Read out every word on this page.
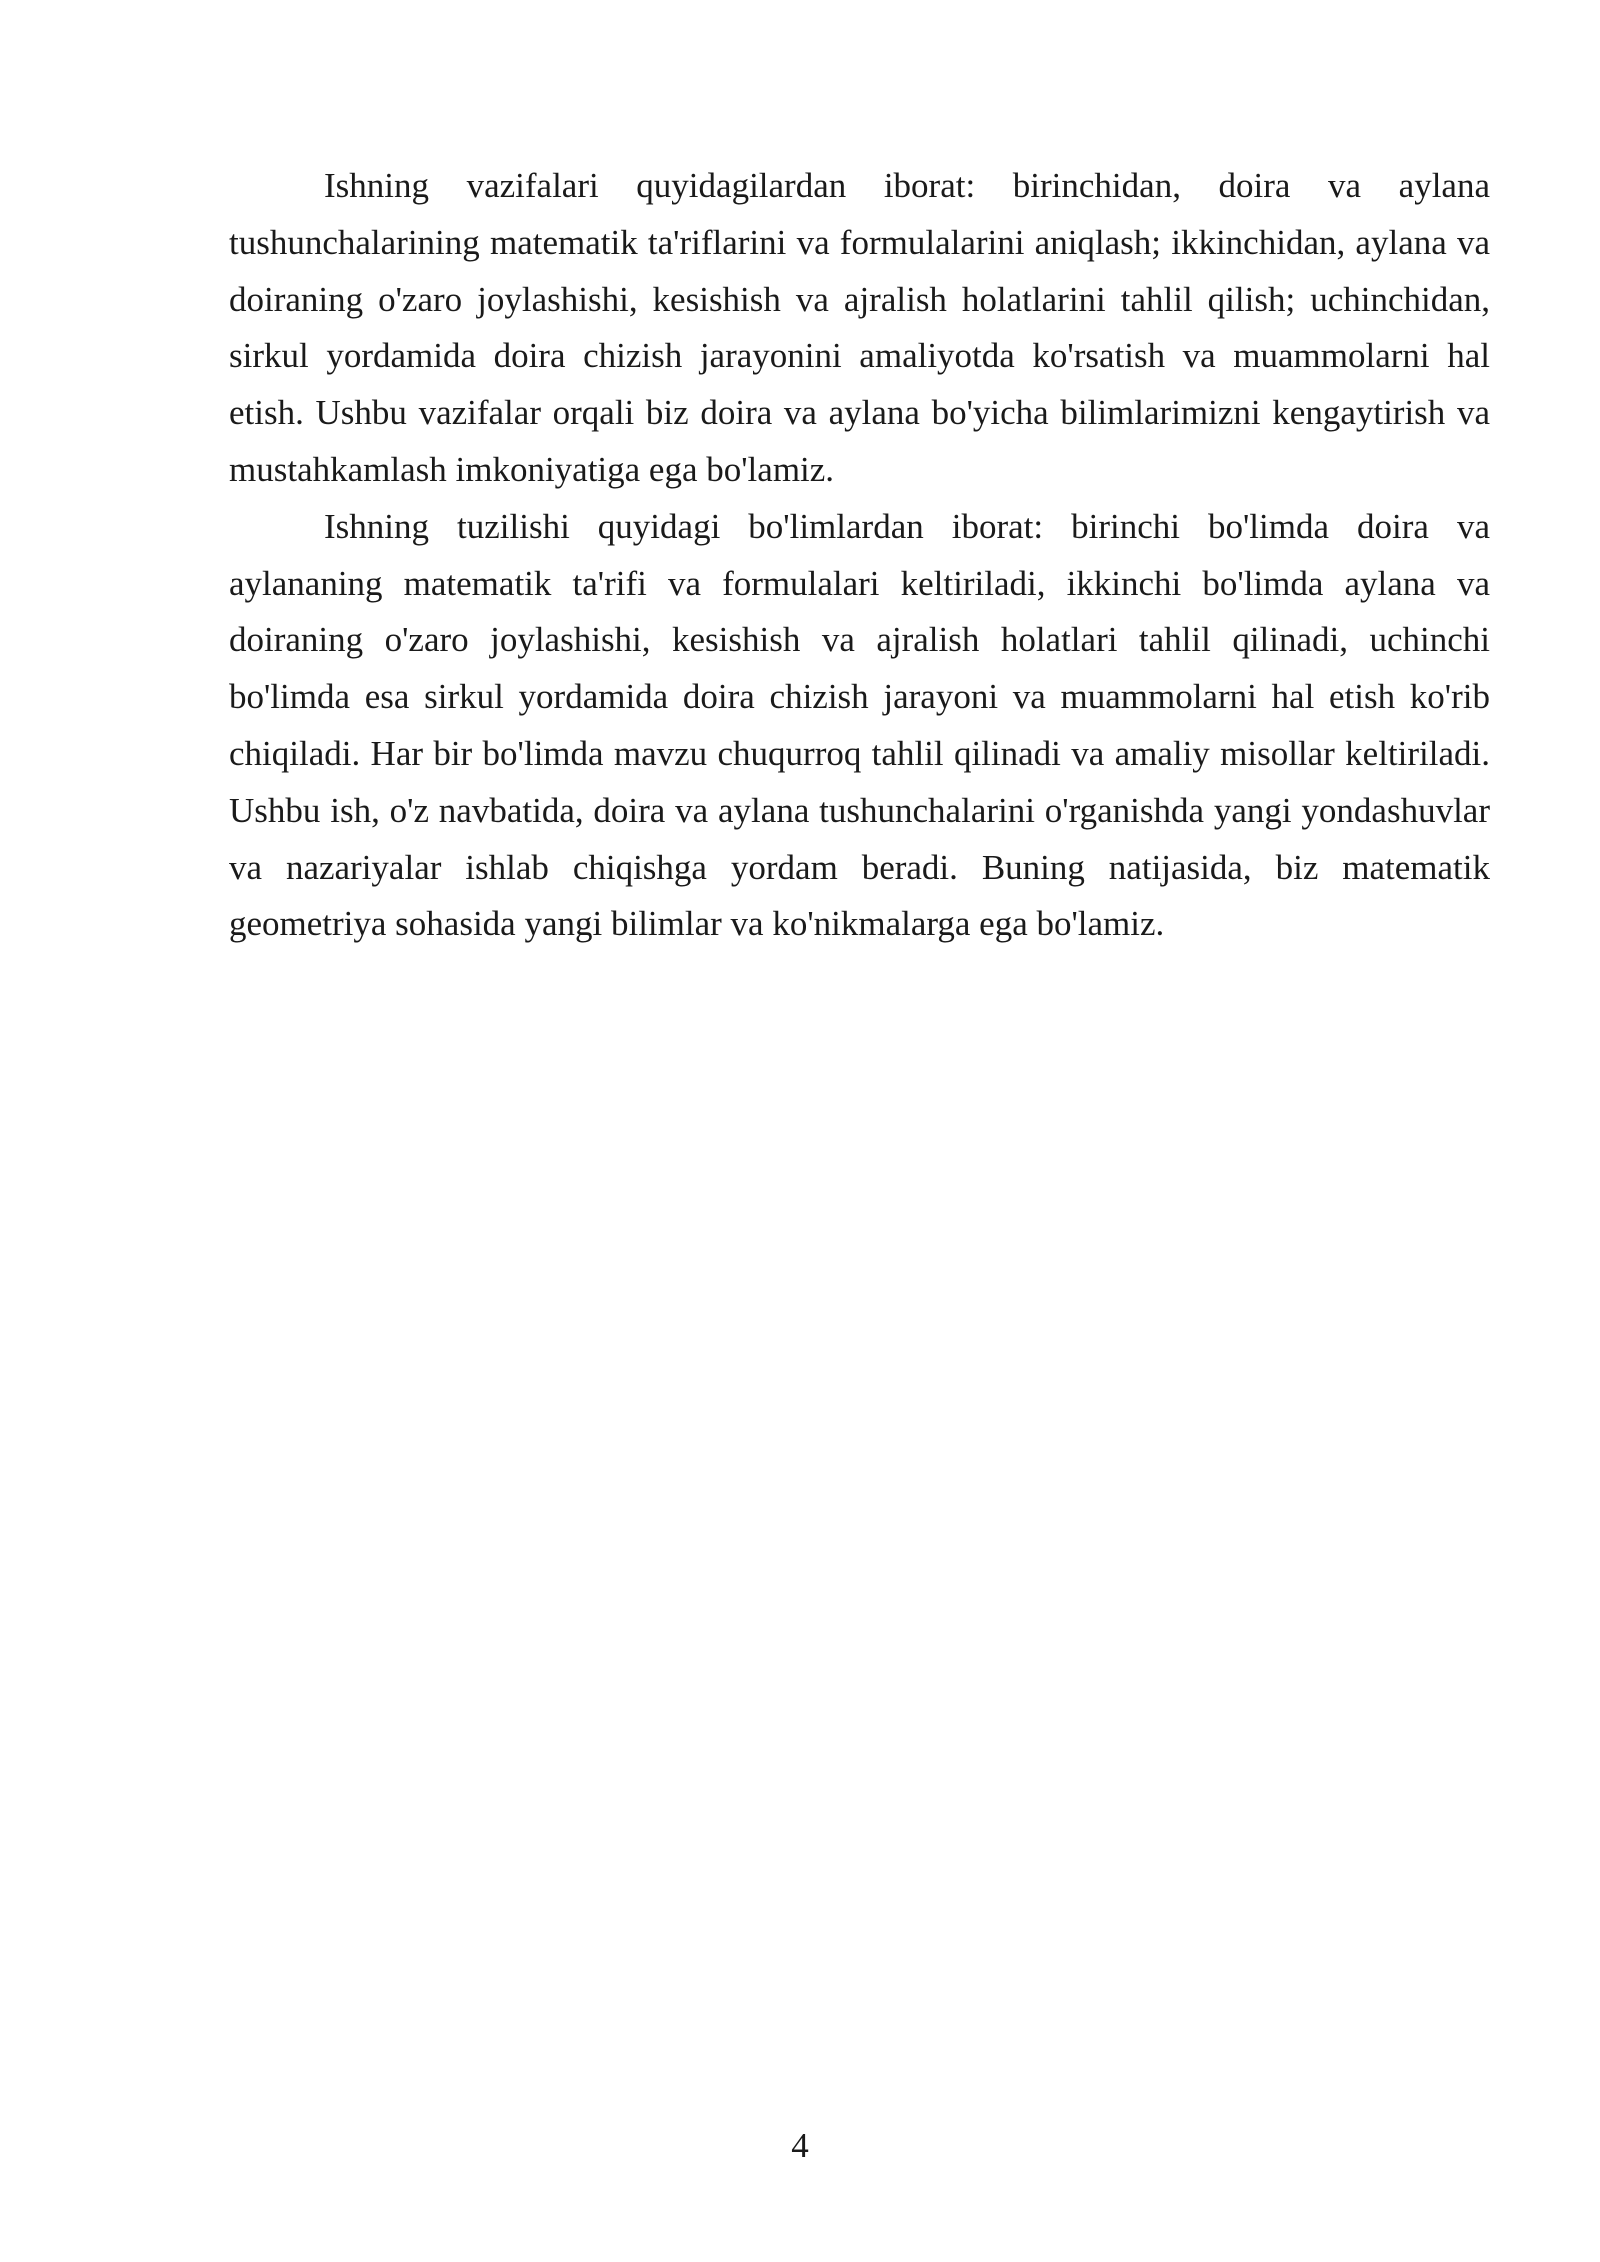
Ishning vazifalari quyidagilardan iborat: birinchidan, doira va aylana tushunchalarining matematik ta'riflarini va formulalarini aniqlash; ikkinchidan, aylana va doiraning o'zaro joylashishi, kesishish va ajralish holatlarini tahlil qilish; uchinchidan, sirkul yordamida doira chizish jarayonini amaliyotda ko'rsatish va muammolarni hal etish. Ushbu vazifalar orqali biz doira va aylana bo'yicha bilimlarimizni kengaytirish va mustahkamlash imkoniyatiga ega bo'lamiz.

Ishning tuzilishi quyidagi bo'limlardan iborat: birinchi bo'limda doira va aylananing matematik ta'rifi va formulalari keltiriladi, ikkinchi bo'limda aylana va doiraning o'zaro joylashishi, kesishish va ajralish holatlari tahlil qilinadi, uchinchi bo'limda esa sirkul yordamida doira chizish jarayoni va muammolarni hal etish ko'rib chiqiladi. Har bir bo'limda mavzu chuqurroq tahlil qilinadi va amaliy misollar keltiriladi. Ushbu ish, o'z navbatida, doira va aylana tushunchalarini o'rganishda yangi yondashuvlar va nazariyalar ishlab chiqishga yordam beradi. Buning natijasida, biz matematik geometriya sohasida yangi bilimlar va ko'nikmalarga ega bo'lamiz.

4
